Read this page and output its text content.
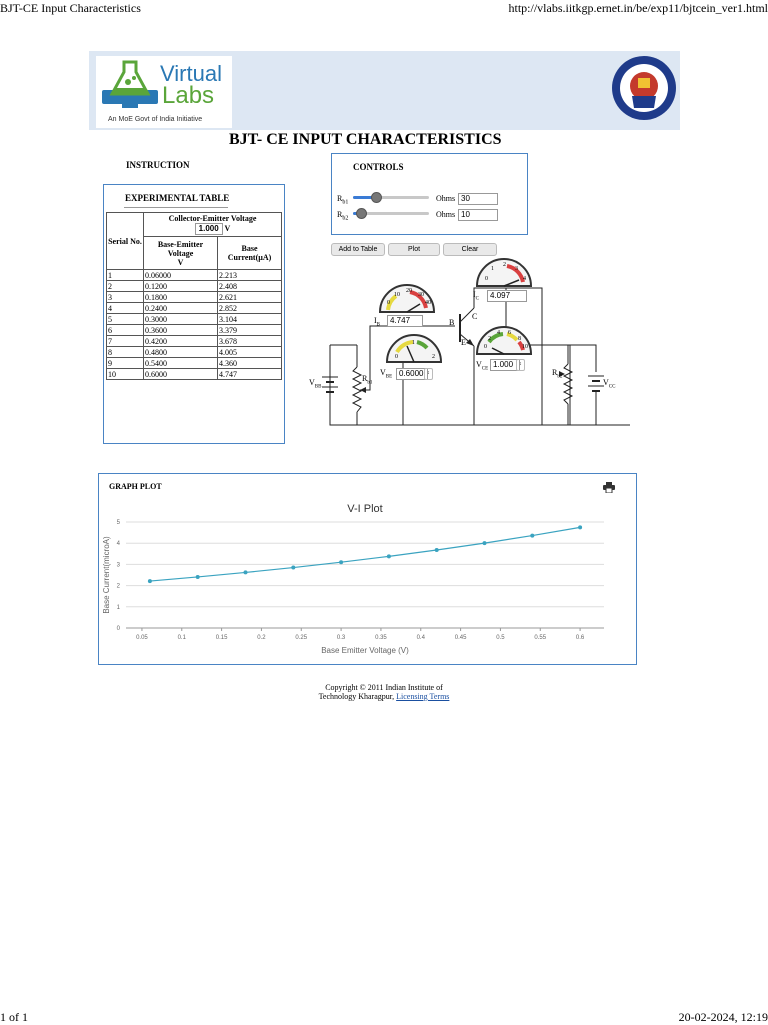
BJT-CE Input Characteristics	http://vlabs.iitkgp.ernet.in/be/exp11/bjtcein_ver1.html
Virtual
Labs
An MoE Govt of India Initiative
BJT- CE INPUT CHARACTERISTICS
INSTRUCTION
EXPERIMENTAL TABLE
Serial No.	Collector-Emitter Voltage
1.000 V	
	Base-Emitter Voltage
V	Base Current(µA)
1	0.06000	2.213
2	0.1200	2.408
3	0.1800	2.621
4	0.2400	2.852
5	0.3000	3.104
6	0.3600	3.379
7	0.4200	3.678
8	0.4800	4.005
9	0.5400	4.360
10	0.6000	4.747
CONTROLS
$R_{b1}$	Ohms 30
$R_{b2}$	Ohms 10
Add to Table	Plot	Clear
0
10
20
30
40
0
1
2
3
4
0
1
2
0
2
4 6
8
10
$I_B$
4.747
$I_C$	4.097
$V_{BE}$ 0.6000 ↕
$V_{CE}$
1.000	↕
$V_{BB}$
$V_{CC}$
$R_{b1}$
$R_{b2}$
B
C
E
GRAPH PLOT
V-I Plot
0
1
2
3
4
5
0.05	0.1	0.15	0.2	0.25	0.3	0.35	0.4	0.45	0.5	0.55	0.6
Base Emitter Voltage (V)
Base Current(microA)
Copyright © 2011 Indian Institute of
Technology Kharagpur, Licensing Terms
1 of 1	20-02-2024, 12:19
